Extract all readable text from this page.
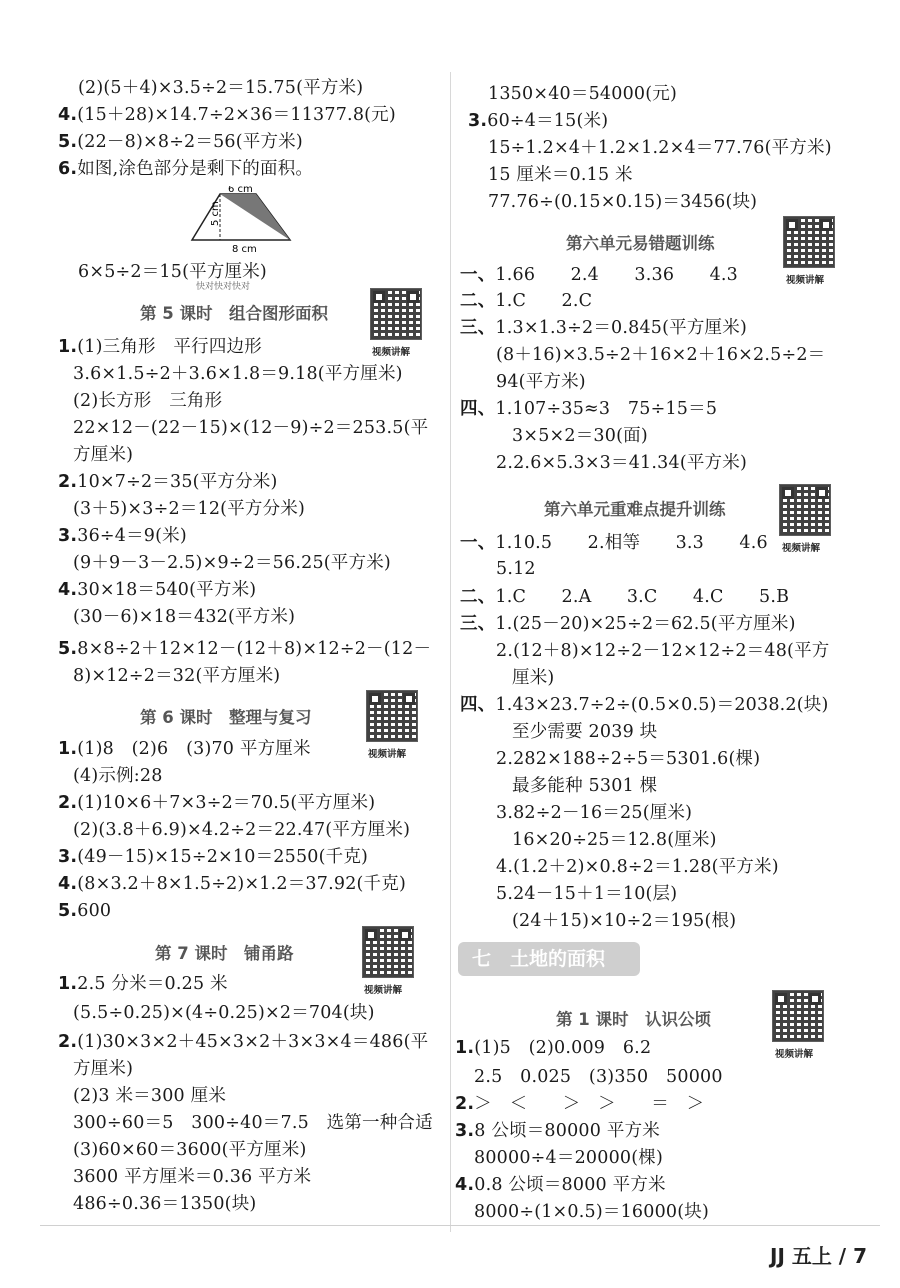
(2)(5＋4)×3.5÷2＝15.75(平方米)
4.(15＋28)×14.7÷2×36＝11377.8(元)
5.(22－8)×8÷2＝56(平方米)
6.如图,涂色部分是剩下的面积。
6 cm
5 cm
8 cm
6×5÷2＝15(平方厘米)
快对快对快对
第 5 课时　组合图形面积
视频讲解
1.(1)三角形　平行四边形
3.6×1.5÷2＋3.6×1.8＝9.18(平方厘米)
(2)长方形　三角形
22×12－(22－15)×(12－9)÷2＝253.5(平
方厘米)
2.10×7÷2＝35(平方分米)
(3＋5)×3÷2＝12(平方分米)
3.36÷4＝9(米)
(9＋9－3－2.5)×9÷2＝56.25(平方米)
4.30×18＝540(平方米)
(30－6)×18＝432(平方米)
5.8×8÷2＋12×12－(12＋8)×12÷2－(12－
8)×12÷2＝32(平方厘米)
第 6 课时　整理与复习
视频讲解
1.(1)8　(2)6　(3)70 平方厘米
(4)示例:28
2.(1)10×6＋7×3÷2＝70.5(平方厘米)
(2)(3.8＋6.9)×4.2÷2＝22.47(平方厘米)
3.(49－15)×15÷2×10＝2550(千克)
4.(8×3.2＋8×1.5÷2)×1.2＝37.92(千克)
5.600
第 7 课时　铺甬路
视频讲解
1.2.5 分米＝0.25 米
(5.5÷0.25)×(4÷0.25)×2＝704(块)
2.(1)30×3×2＋45×3×2＋3×3×4＝486(平
方厘米)
(2)3 米＝300 厘米
300÷60＝5　300÷40＝7.5　选第一种合适
(3)60×60＝3600(平方厘米)
3600 平方厘米＝0.36 平方米
486÷0.36＝1350(块)
1350×40＝54000(元)
3.60÷4＝15(米)
15÷1.2×4＋1.2×1.2×4＝77.76(平方米)
15 厘米＝0.15 米
77.76÷(0.15×0.15)＝3456(块)
第六单元易错题训练
视频讲解
一、1.66　　2.4　　3.36　　4.3
二、1.C　　2.C
三、1.3×1.3÷2＝0.845(平方厘米)
(8＋16)×3.5÷2＋16×2＋16×2.5÷2＝
94(平方米)
四、1.107÷35≈3　75÷15＝5
3×5×2＝30(面)
2.2.6×5.3×3＝41.34(平方米)
第六单元重难点提升训练
视频讲解
一、1.10.5　　2.相等　　3.3　　4.6
5.12
二、1.C　　2.A　　3.C　　4.C　　5.B
三、1.(25－20)×25÷2＝62.5(平方厘米)
2.(12＋8)×12÷2－12×12÷2＝48(平方
厘米)
四、1.43×23.7÷2÷(0.5×0.5)＝2038.2(块)
至少需要 2039 块
2.282×188÷2÷5＝5301.6(棵)
最多能种 5301 棵
3.82÷2－16＝25(厘米)
16×20÷25＝12.8(厘米)
4.(1.2＋2)×0.8÷2＝1.28(平方米)
5.24－15＋1＝10(层)
(24＋15)×10÷2＝195(根)
七　土地的面积
第 1 课时　认识公顷
视频讲解
1.(1)5　(2)0.009　6.2
2.5　0.025　(3)350　50000
2.＞　＜　　＞　＞　　＝　＞
3.8 公顷＝80000 平方米
80000÷4＝20000(棵)
4.0.8 公顷＝8000 平方米
8000÷(1×0.5)＝16000(块)
JJ 五上 / 7
